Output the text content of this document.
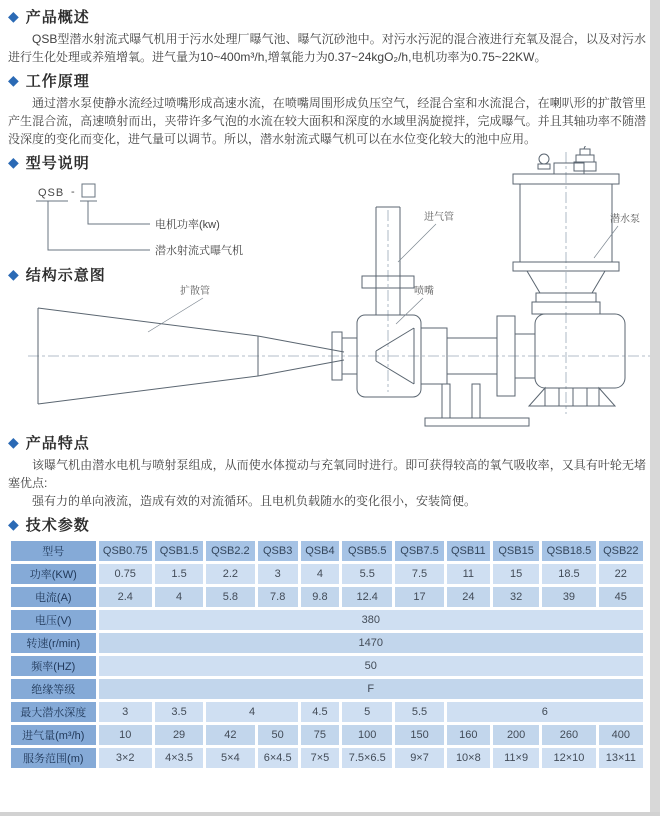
◆ 产品概述

QSB型潜水射流式曝气机用于污水处理厂曝气池、曝气沉砂池中。对污水污泥的混合液进行充氧及混合，以及对污水进行生化处理或养殖增氧。进气量为10~400m³/h,增氧能力为0.37~24kgO₂/h,电机功率为0.75~22KW。

◆ 工作原理

通过潜水泵使静水流经过喷嘴形成高速水流，在喷嘴周围形成负压空气，经混合室和水流混合，在喇叭形的扩散管里产生混合流，高速喷射而出，夹带许多气泡的水流在较大面积和深度的水域里涡旋搅拌，完成曝气。并且其轴功率不随潜没深度的变化而变化，进气量可以调节。所以，潜水射流式曝气机可以在水位变化较大的池中应用。

◆ 型号说明
QSB -
电机功率(kw)
潜水射流式曝气机
进气管	潜水泵
扩散管	喷嘴
◆ 结构示意图
◆ 产品特点

该曝气机由潜水电机与喷射泵组成，从而使水体搅动与充氧同时进行。即可获得较高的氧气吸收率，又具有叶轮无堵塞优点:

强有力的单向液流，造成有效的对流循环。且电机负载随水的变化很小，安装简便。

◆ 技术参数
型号	QSB0.75	QSB1.5	QSB2.2	QSB3	QSB4	QSB5.5	QSB7.5	QSB11	QSB15	QSB18.5	QSB22
功率(KW)	0.75	1.5	2.2	3	4	5.5	7.5	11	15	18.5	22
电流(A)	2.4	4	5.8	7.8	9.8	12.4	17	24	32	39	45
电压(V)	380										
转速(r/min)	1470										
频率(HZ)	50										
绝缘等级	F										
最大潜水深度	3	3.5	4		4.5	5	5.5	6			
进气量(m³/h)	10	29	42	50	75	100	150	160	200	260	400
服务范围(m)	3×2	4×3.5	5×4	6×4.5	7×5	7.5×6.5	9×7	10×8	11×9	12×10	13×11
